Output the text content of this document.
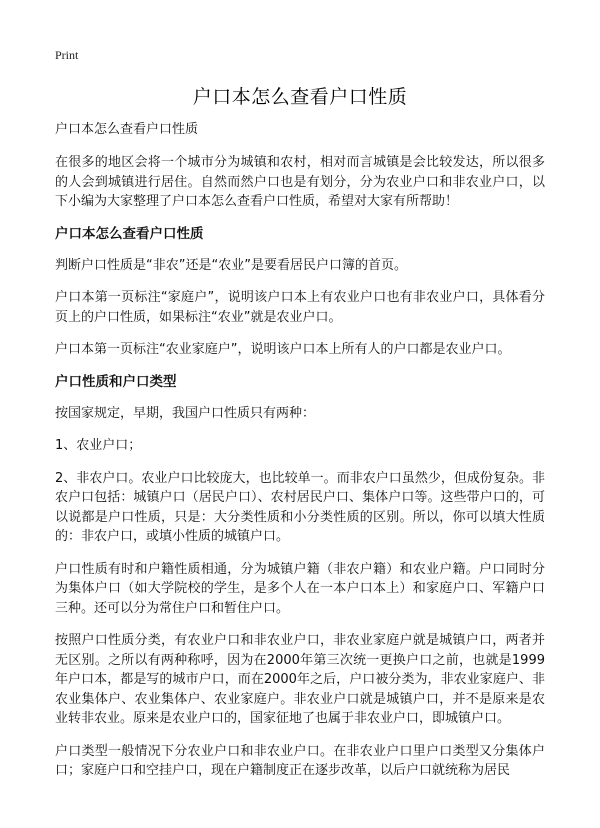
Print
户口本怎么查看户口性质

户口本怎么查看户口性质

在很多的地区会将一个城市分为城镇和农村，相对而言城镇是会比较发达，所以很多的人会到城镇进行居住。自然而然户口也是有划分，分为农业户口和非农业户口，以下小编为大家整理了户口本怎么查看户口性质，希望对大家有所帮助！

户口本怎么查看户口性质

判断户口性质是“非农”还是“农业”是要看居民户口簿的首页。

户口本第一页标注“家庭户”，说明该户口本上有农业户口也有非农业户口，具体看分页上的户口性质，如果标注“农业”就是农业户口。

户口本第一页标注“农业家庭户”，说明该户口本上所有人的户口都是农业户口。

户口性质和户口类型

按国家规定，早期，我国户口性质只有两种：

1、农业户口；

2、非农户口。农业户口比较庞大，也比较单一。而非农户口虽然少，但成份复杂。非农户口包括：城镇户口（居民户口）、农村居民户口、集体户口等。这些带户口的，可以说都是户口性质，只是：大分类性质和小分类性质的区别。所以，你可以填大性质的：非农户口，或填小性质的城镇户口。

户口性质有时和户籍性质相通，分为城镇户籍（非农户籍）和农业户籍。户口同时分为集体户口（如大学院校的学生，是多个人在一本户口本上）和家庭户口、军籍户口三种。还可以分为常住户口和暂住户口。

按照户口性质分类，有农业户口和非农业户口，非农业家庭户就是城镇户口，两者并无区别。之所以有两种称呼，因为在2000年第三次统一更换户口之前，也就是1999年户口本，都是写的城市户口，而在2000年之后，户口被分类为，非农业家庭户、非农业集体户、农业集体户、农业家庭户。非农业户口就是城镇户口，并不是原来是农业转非农业。原来是农业户口的，国家征地了也属于非农业户口，即城镇户口。

户口类型一般情况下分农业户口和非农业户口。在非农业户口里户口类型又分集体户口；家庭户口和空挂户口，现在户籍制度正在逐步改革，以后户口就统称为居民
